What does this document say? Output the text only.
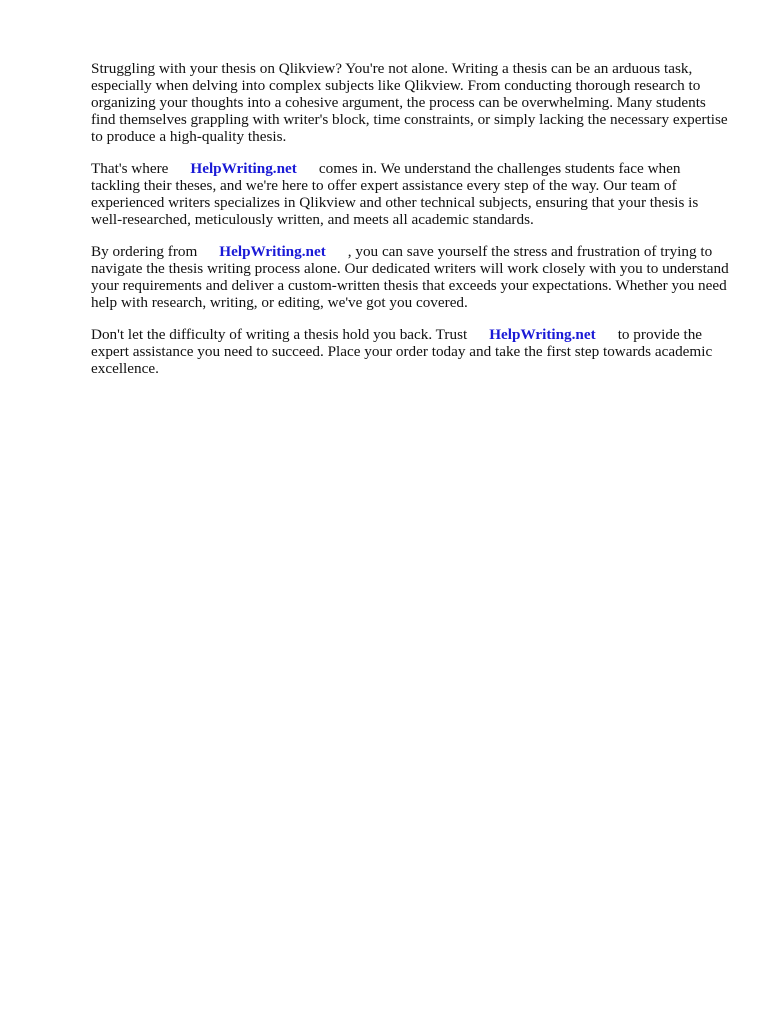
Struggling with your thesis on Qlikview? You're not alone. Writing a thesis can be an arduous task, especially when delving into complex subjects like Qlikview. From conducting thorough research to organizing your thoughts into a cohesive argument, the process can be overwhelming. Many students find themselves grappling with writer's block, time constraints, or simply lacking the necessary expertise to produce a high-quality thesis.

That's where HelpWriting.net comes in. We understand the challenges students face when tackling their theses, and we're here to offer expert assistance every step of the way. Our team of experienced writers specializes in Qlikview and other technical subjects, ensuring that your thesis is well-researched, meticulously written, and meets all academic standards.

By ordering from HelpWriting.net , you can save yourself the stress and frustration of trying to navigate the thesis writing process alone. Our dedicated writers will work closely with you to understand your requirements and deliver a custom-written thesis that exceeds your expectations. Whether you need help with research, writing, or editing, we've got you covered.

Don't let the difficulty of writing a thesis hold you back. Trust HelpWriting.net to provide the expert assistance you need to succeed. Place your order today and take the first step towards academic excellence.
